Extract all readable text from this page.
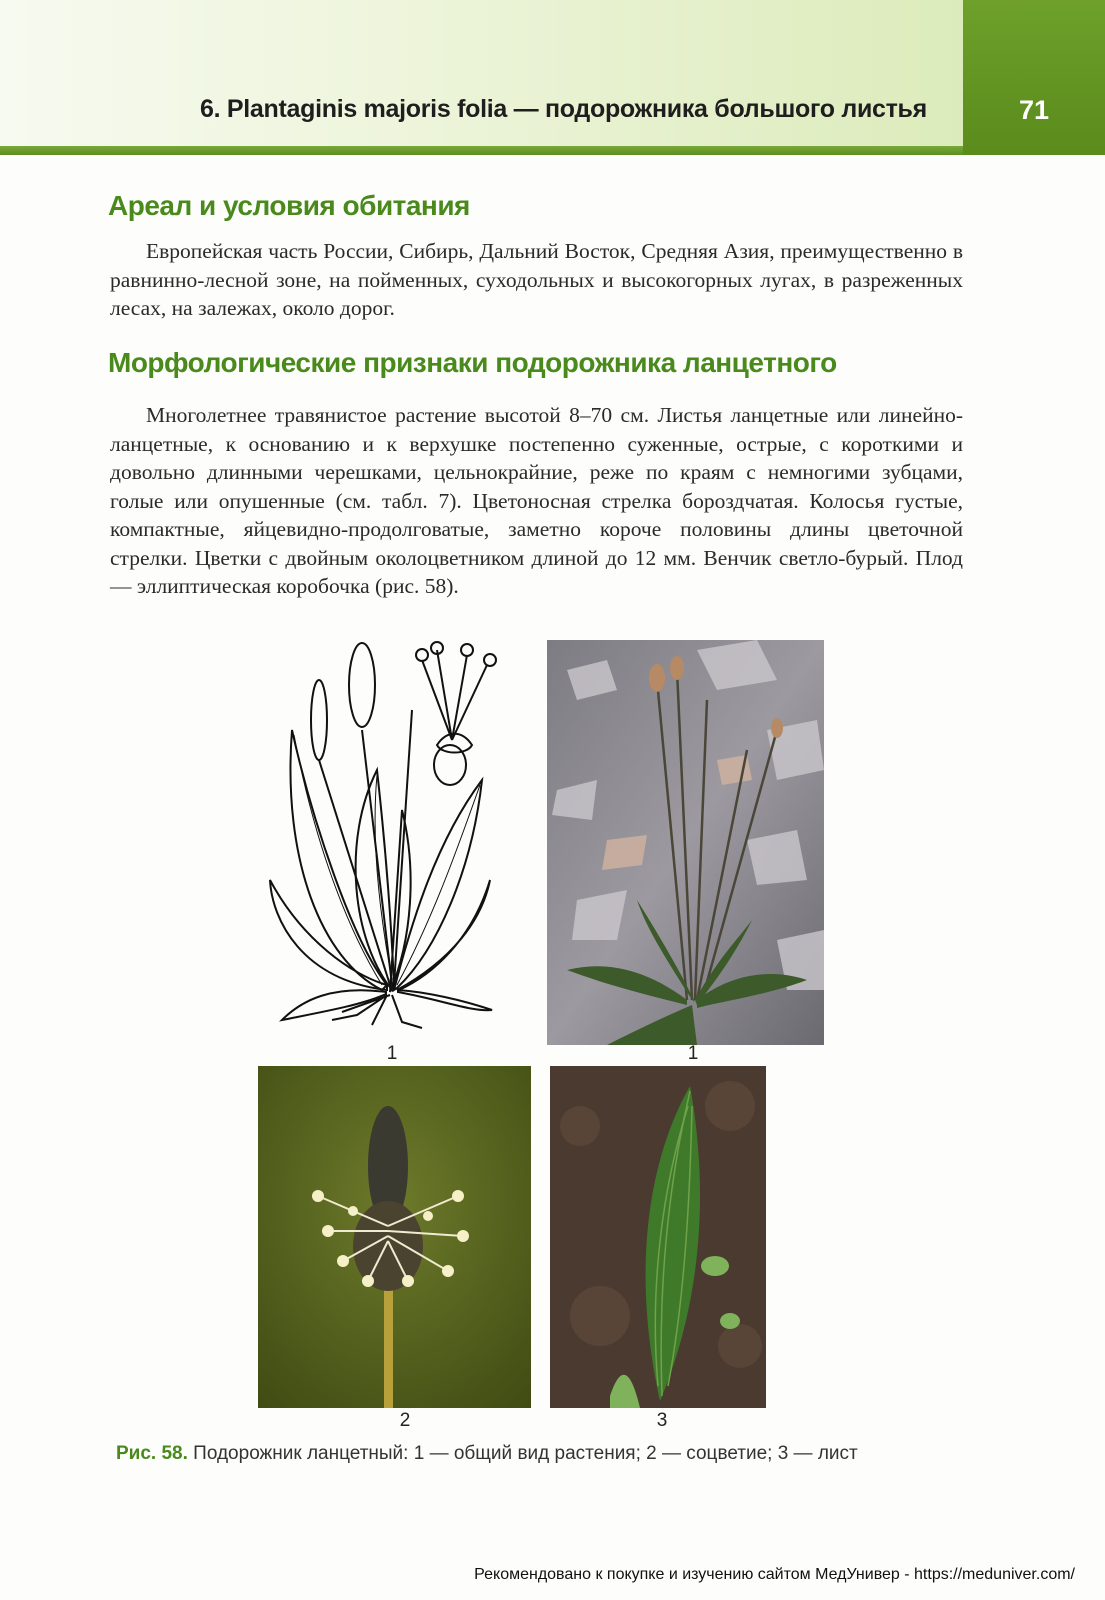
6. Plantaginis majoris folia — подорожника большого листья	71
Ареал и условия обитания

Европейская часть России, Сибирь, Дальний Восток, Средняя Азия, преимущественно в равнинно-лесной зоне, на пойменных, суходольных и высокогорных лугах, в разреженных лесах, на залежах, около дорог.

Морфологические признаки подорожника ланцетного

Многолетнее травянистое растение высотой 8–70 см. Листья ланцетные или линейно-ланцетные, к основанию и к верхушке постепенно суженные, острые, с короткими и довольно длинными черешками, цельнокрайние, реже по краям с немногими зубцами, голые или опушенные (см. табл. 7). Цветоносная стрелка бороздчатая. Колосья густые, компактные, яйцевидно-продолговатые, заметно короче половины длины цветочной стрелки. Цветки с двойным околоцветником длиной до 12 мм. Венчик светло-бурый. Плод — эллиптическая коробочка (рис. 58).

1	1
2	3
Рис. 58. Подорожник ланцетный: 1 — общий вид растения; 2 — соцветие; 3 — лист
Рекомендовано к покупке и изучению сайтом МедУнивер - https://meduniver.com/
